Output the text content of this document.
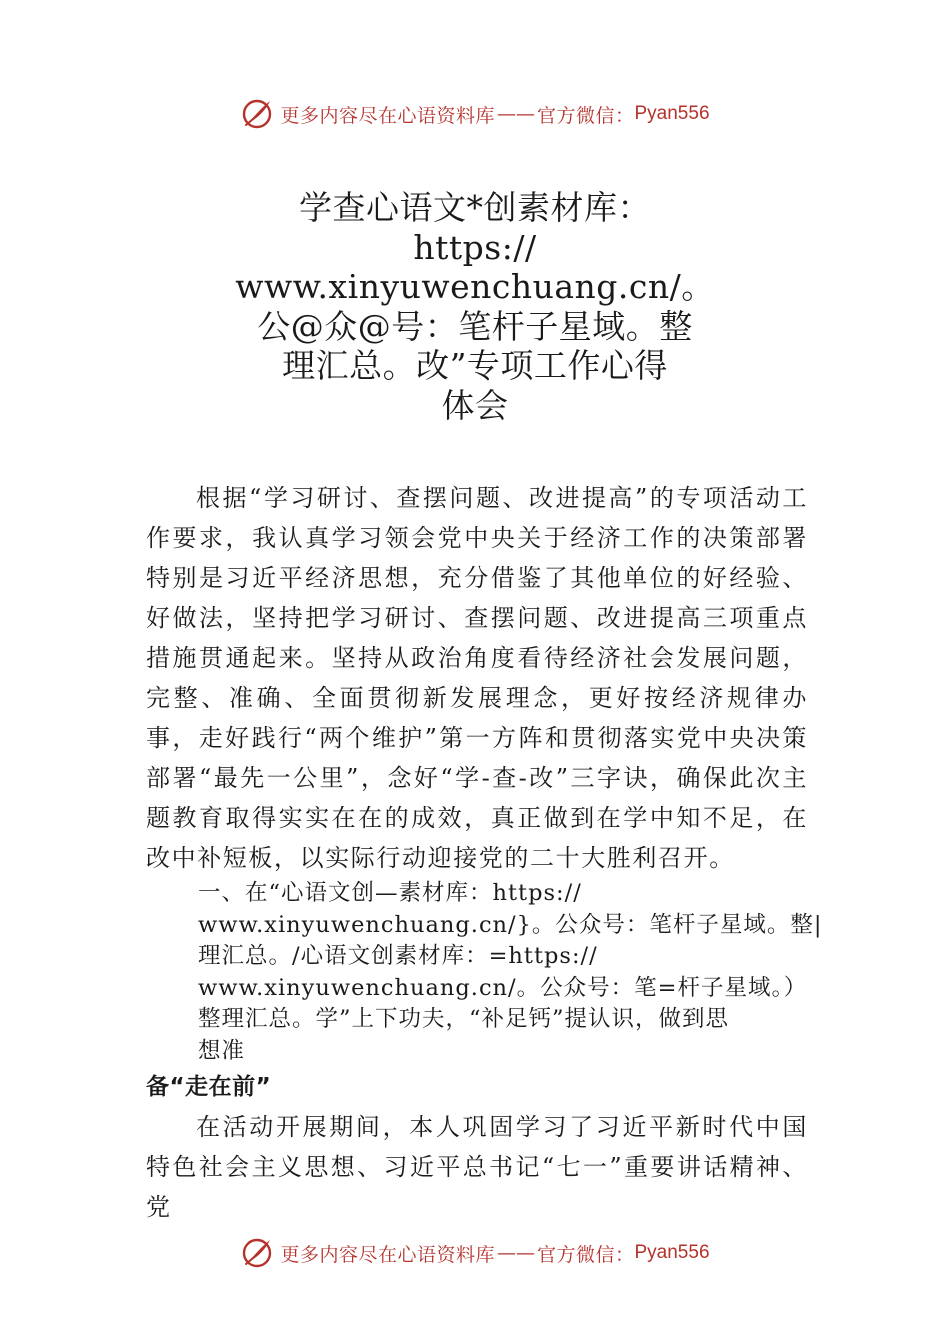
更多内容尽在心语资料库 —— 官方微信： Pyan556
学查心语文*创素材库：
https://
www.xinyuwenchuang.cn/。
公@众@号：笔杆子星域。整
理汇总。改”专项工作心得
体会

根据“学习研讨、查摆问题、改进提高”的专项活动工作要求，我认真学习领会党中央关于经济工作的决策部署特别是习近平经济思想，充分借鉴了其他单位的好经验、好做法，坚持把学习研讨、查摆问题、改进提高三项重点措施贯通起来。坚持从政治角度看待经济社会发展问题，完整、准确、全面贯彻新发展理念，更好按经济规律办事，走好践行“两个维护”第一方阵和贯彻落实党中央决策部署“最先一公里”，念好“学-查-改”三字诀，确保此次主题教育取得实实在在的成效，真正做到在学中知不足，在改中补短板，以实际行动迎接党的二十大胜利召开。

一、在“心语文创—素材库：https://
www.xinyuwenchuang.cn/}。公众号：笔杆子星域。整|
理汇总。/心语文创素材库：=https://
www.xinyuwenchuang.cn/。公众号：笔=杆子星域。）
整理汇总。学”上下功夫，“补足钙”提认识，做到思
想准

备“走在前”

在活动开展期间，本人巩固学习了习近平新时代中国特色社会主义思想、习近平总书记“七一”重要讲话精神、党

更多内容尽在心语资料库 —— 官方微信： Pyan556
